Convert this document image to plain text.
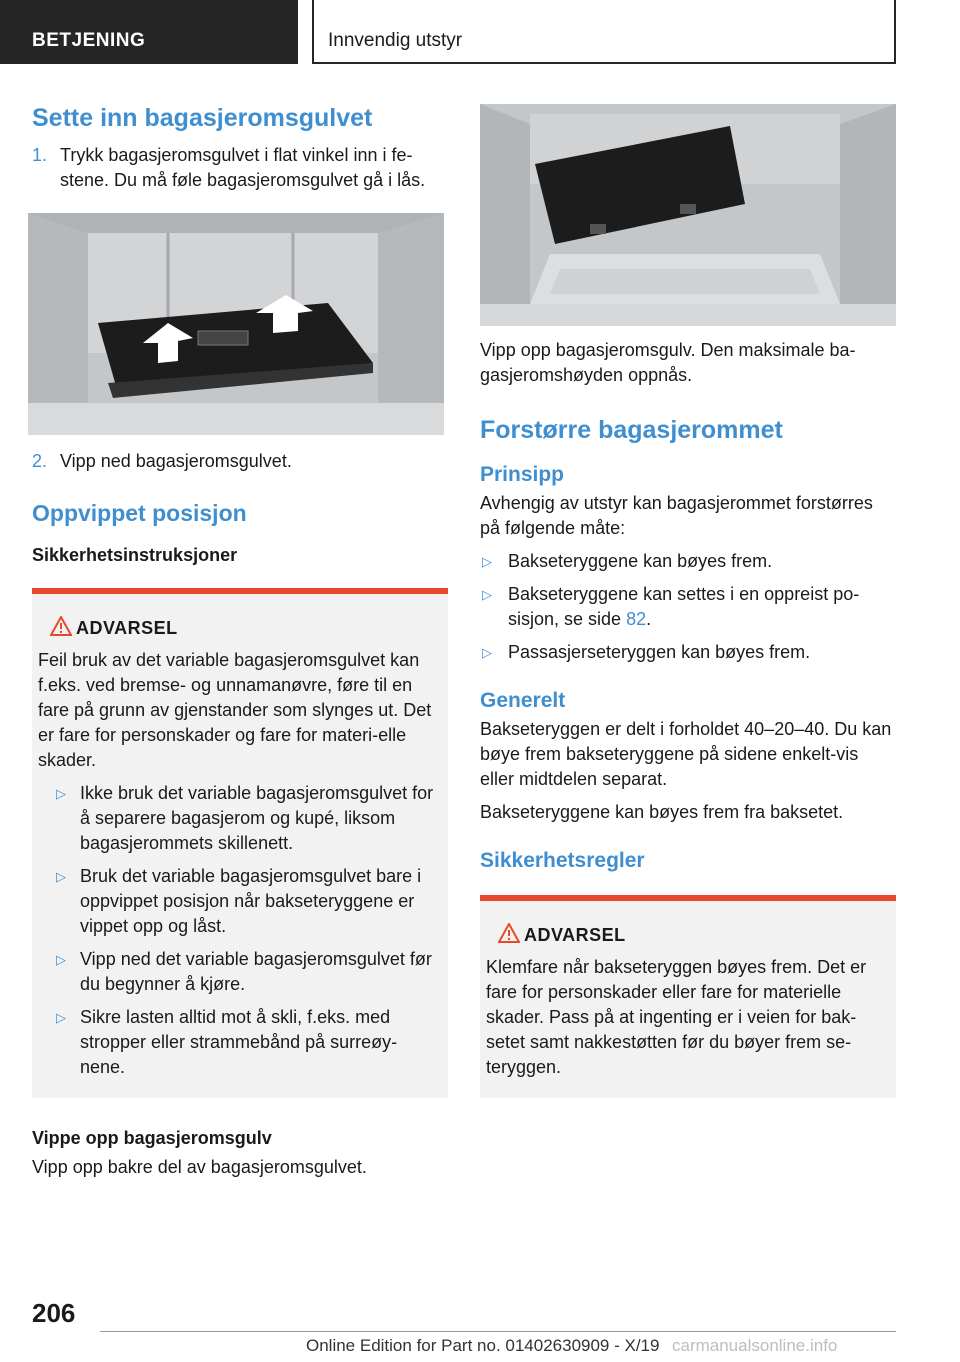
BETJENING	Innvendig utstyr
Sette inn bagasjeromsgulvet
1. Trykk bagasjeromsgulvet i flat vinkel inn i fe-stene. Du må føle bagasjeromsgulvet gå i lås.
2. Vipp ned bagasjeromsgulvet.
Oppvippet posisjon
Sikkerhetsinstruksjoner
ADVARSEL

Feil bruk av det variable bagasjeromsgulvet kan f.eks. ved bremse- og unnamanøvre, føre til en fare på grunn av gjenstander som slynges ut. Det er fare for personskader og fare for materi-elle skader.

▷ Ikke bruk det variable bagasjeromsgulvet for å separere bagasjerom og kupé, liksom bagasjerommets skillenett.
▷ Bruk det variable bagasjeromsgulvet bare i oppvippet posisjon når bakseteryggene er vippet opp og låst.
▷ Vipp ned det variable bagasjeromsgulvet før du begynner å kjøre.
▷ Sikre lasten alltid mot å skli, f.eks. med stropper eller strammebånd på surreøy-nene.
Vippe opp bagasjeromsgulv

Vipp opp bakre del av bagasjeromsgulvet.

Vipp opp bagasjeromsgulv. Den maksimale ba-gasjeromshøyden oppnås.

Forstørre bagasjerommet
Prinsipp

Avhengig av utstyr kan bagasjerommet forstørres på følgende måte:

▷ Bakseteryggene kan bøyes frem.
▷ Bakseteryggene kan settes i en oppreist po-sisjon, se side 82.
▷ Passasjerseteryggen kan bøyes frem.
Generelt

Bakseteryggen er delt i forholdet 40–20–40. Du kan bøye frem bakseteryggene på sidene enkelt-vis eller midtdelen separat.

Bakseteryggene kan bøyes frem fra baksetet.

Sikkerhetsregler
ADVARSEL

Klemfare når bakseteryggen bøyes frem. Det er fare for personskader eller fare for materielle skader. Pass på at ingenting er i veien for bak-setet samt nakkestøtten før du bøyer frem se-teryggen.

206
Online Edition for Part no. 01402630909 - X/19 carmanualsonline.info
